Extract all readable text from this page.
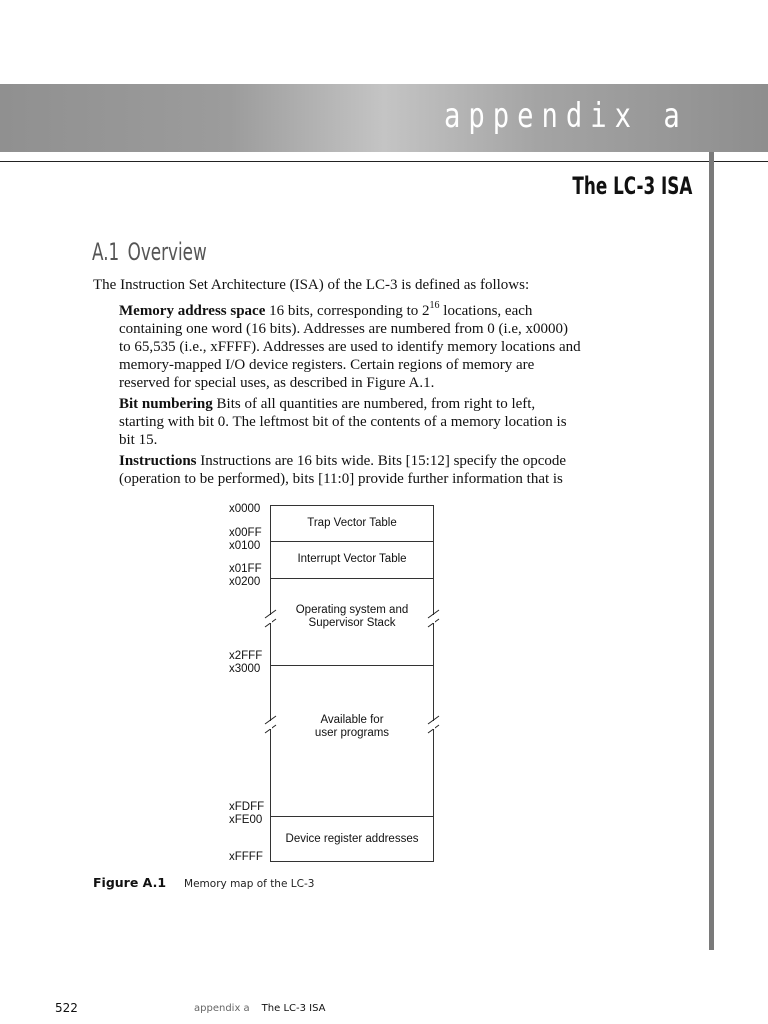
appendix a
The LC-3 ISA
A.1 Overview
The Instruction Set Architecture (ISA) of the LC-3 is defined as follows:

Memory address space 16 bits, corresponding to $2^{16}$ locations, each containing one word (16 bits). Addresses are numbered from 0 (i.e, x0000) to 65,535 (i.e., xFFFF). Addresses are used to identify memory locations and memory-mapped I/O device registers. Certain regions of memory are reserved for special uses, as described in Figure A.1.

Bit numbering Bits of all quantities are numbered, from right to left, starting with bit 0. The leftmost bit of the contents of a memory location is bit 15.

Instructions Instructions are 16 bits wide. Bits [15:12] specify the opcode (operation to be performed), bits [11:0] provide further information that is

x0000
x00FF
x0100
x01FF
x0200
x2FFF
x3000
xFDFF
xFE00
xFFFF
Trap Vector Table
Interrupt Vector Table
Operating system and
Supervisor Stack
Available for
user programs
Device register addresses
Figure A.1 Memory map of the LC-3
522	appendix a The LC-3 ISA
